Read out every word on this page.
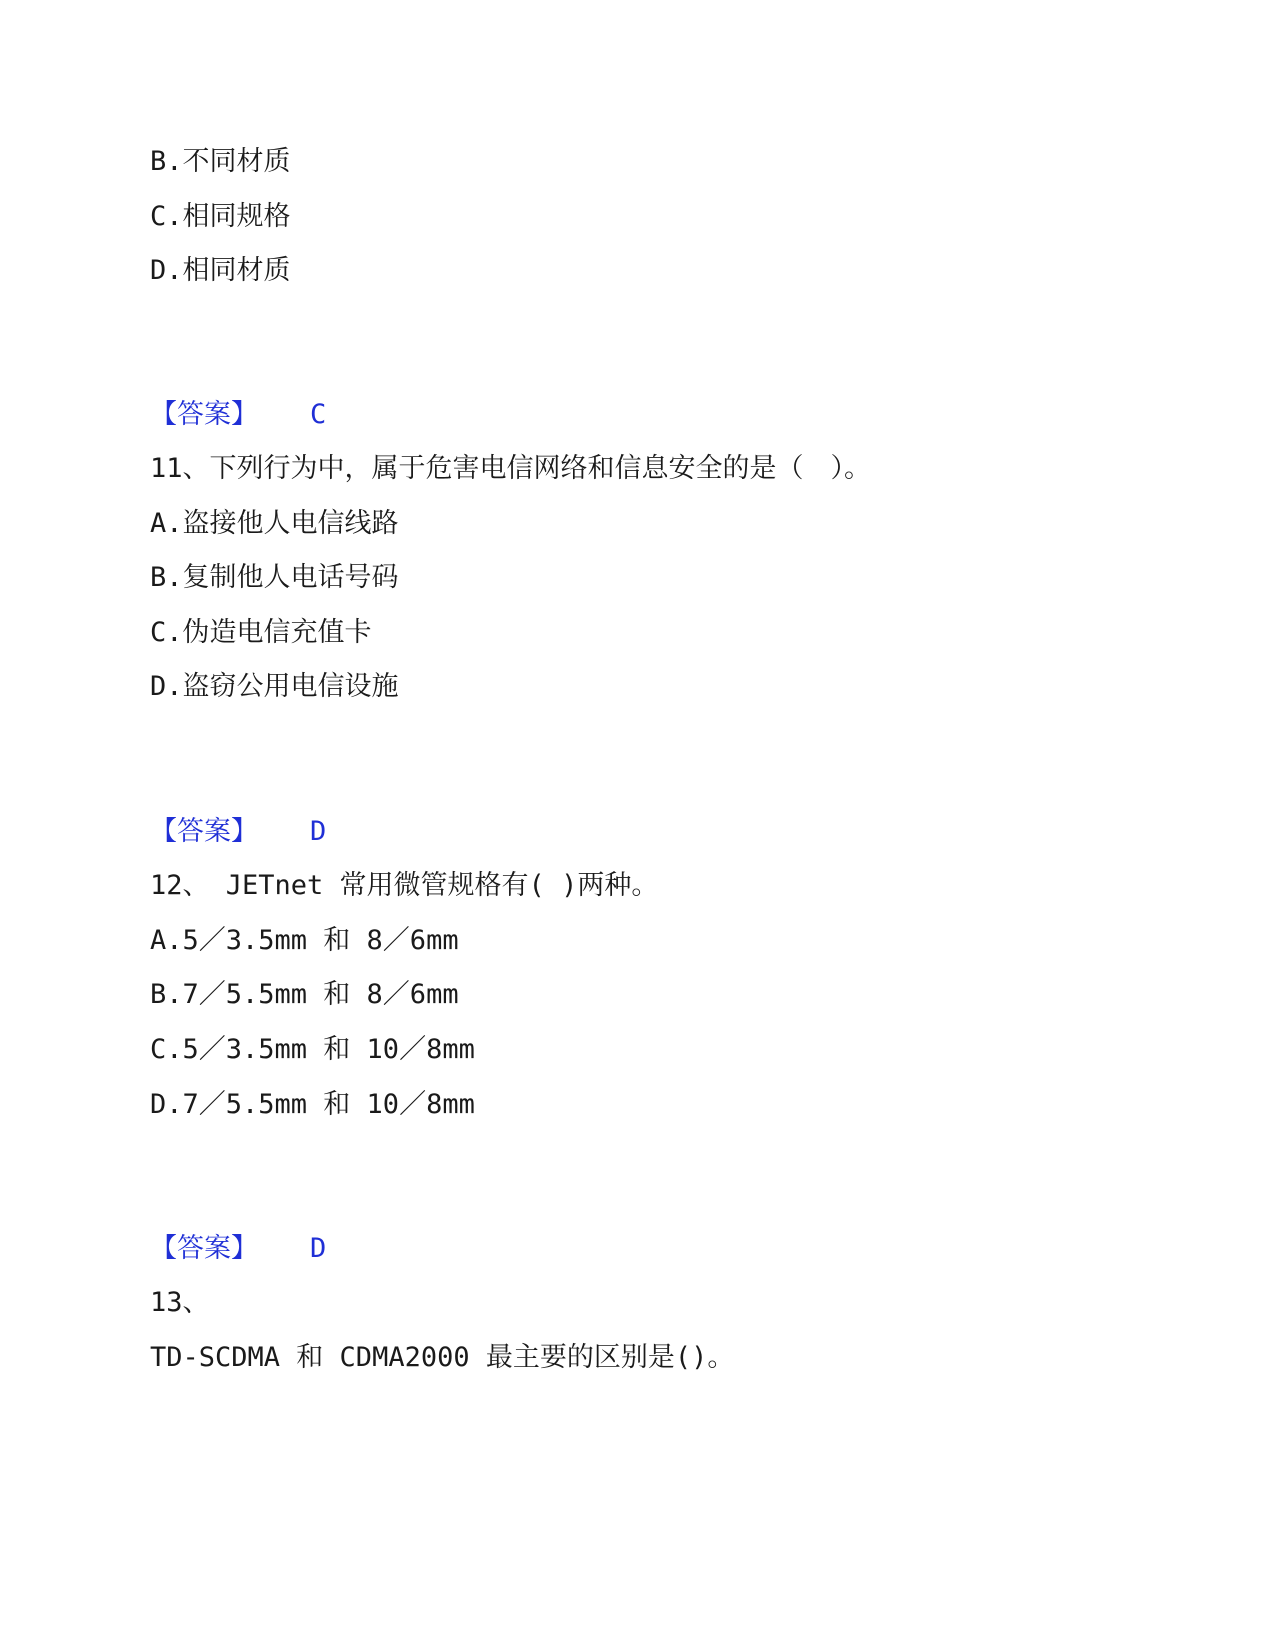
B.不同材质
C.相同规格
D.相同材质
【答案】 C
11、下列行为中，属于危害电信网络和信息安全的是（　）。
A.盗接他人电信线路
B.复制他人电话号码
C.伪造电信充值卡
D.盗窃公用电信设施
【答案】 D
12、 JETnet 常用微管规格有( )两种。
A.5／3.5mm 和 8／6mm
B.7／5.5mm 和 8／6mm
C.5／3.5mm 和 10／8mm
D.7／5.5mm 和 10／8mm
【答案】 D
13、
TD-SCDMA 和 CDMA2000 最主要的区别是()。
